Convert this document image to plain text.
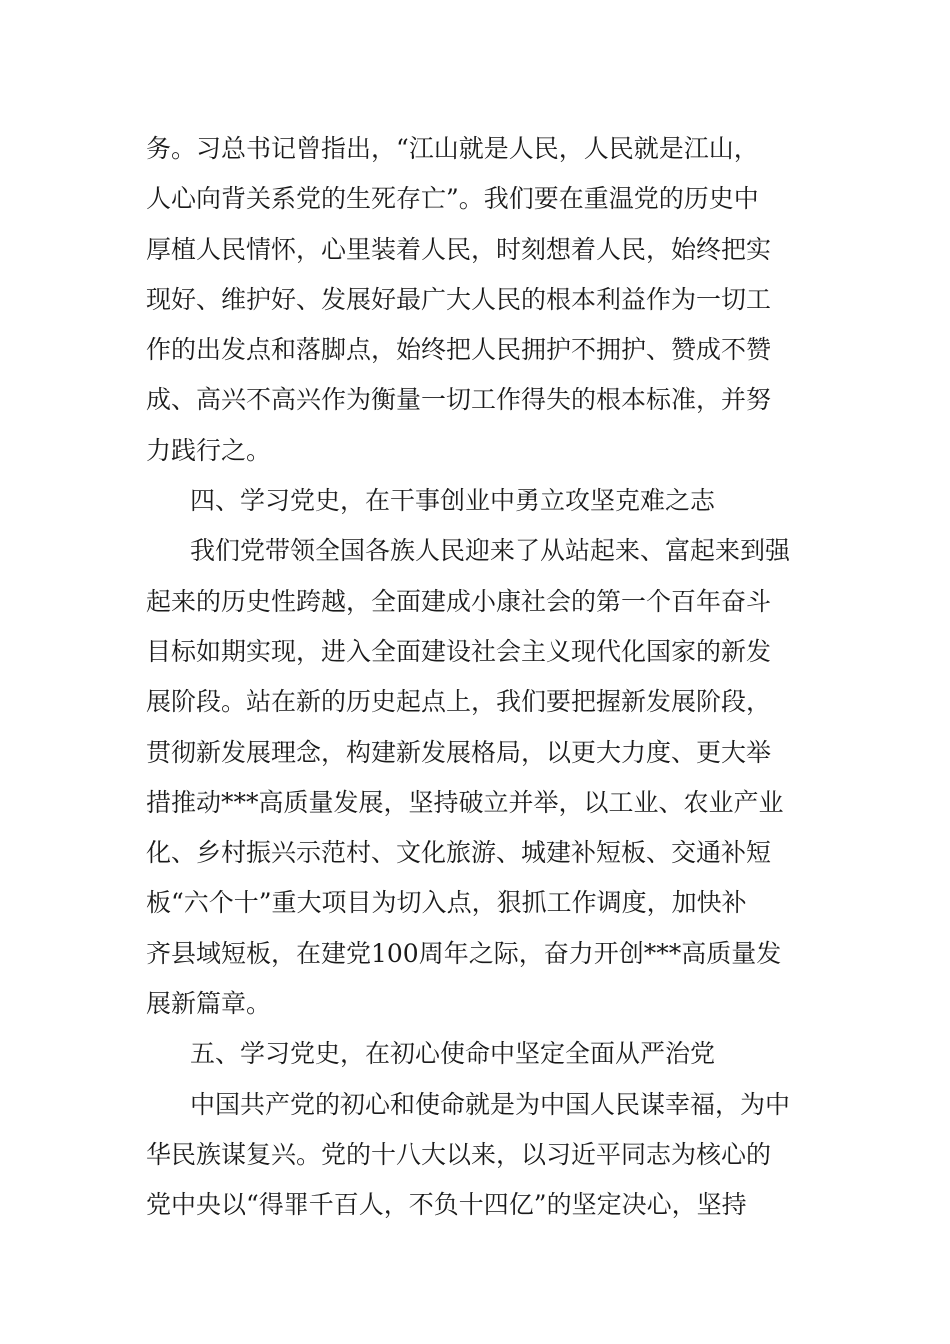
务。习总书记曾指出，“江山就是人民，人民就是江山，
人心向背关系党的生死存亡”。我们要在重温党的历史中
厚植人民情怀，心里装着人民，时刻想着人民，始终把实
现好、维护好、发展好最广大人民的根本利益作为一切工
作的出发点和落脚点，始终把人民拥护不拥护、赞成不赞
成、高兴不高兴作为衡量一切工作得失的根本标准，并努
力践行之。
四、学习党史，在干事创业中勇立攻坚克难之志
我们党带领全国各族人民迎来了从站起来、富起来到强
起来的历史性跨越，全面建成小康社会的第一个百年奋斗
目标如期实现，进入全面建设社会主义现代化国家的新发
展阶段。站在新的历史起点上，我们要把握新发展阶段，
贯彻新发展理念，构建新发展格局，以更大力度、更大举
措推动***高质量发展，坚持破立并举，以工业、农业产业
化、乡村振兴示范村、文化旅游、城建补短板、交通补短
板“六个十”重大项目为切入点，狠抓工作调度，加快补
齐县域短板，在建党100周年之际，奋力开创***高质量发
展新篇章。
五、学习党史，在初心使命中坚定全面从严治党
中国共产党的初心和使命就是为中国人民谋幸福，为中
华民族谋复兴。党的十八大以来，以习近平同志为核心的
党中央以“得罪千百人，不负十四亿”的坚定决心，坚持
